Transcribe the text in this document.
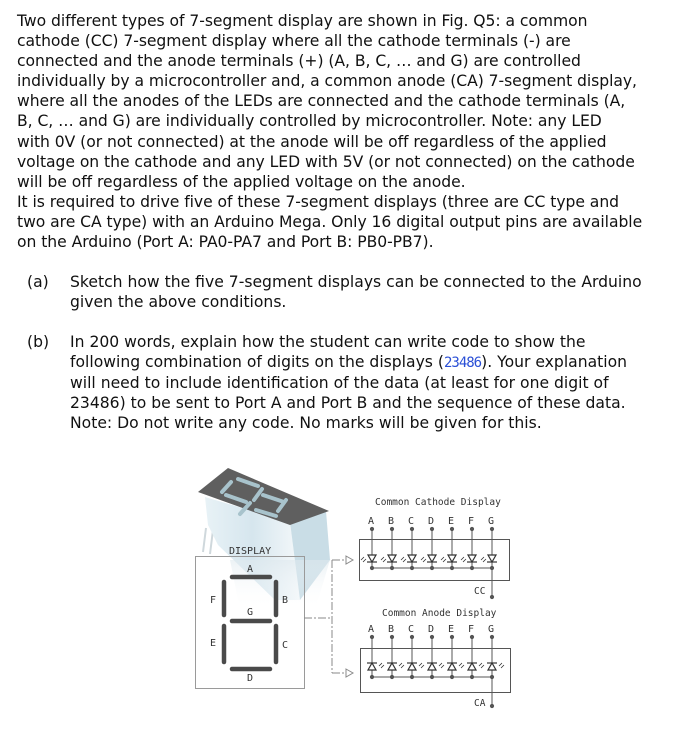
Two different types of 7-segment display are shown in Fig. Q5: a common
cathode (CC) 7-segment display where all the cathode terminals (-) are
connected and the anode terminals (+) (A, B, C, … and G) are controlled
individually by a microcontroller and, a common anode (CA) 7-segment display,
where all the anodes of the LEDs are connected and the cathode terminals (A,
B, C, … and G) are individually controlled by microcontroller. Note: any LED
with 0V (or not connected) at the anode will be off regardless of the applied
voltage on the cathode and any LED with 5V (or not connected) on the cathode
will be off regardless of the applied voltage on the anode.
It is required to drive five of these 7-segment displays (three are CC type and
two are CA type) with an Arduino Mega. Only 16 digital output pins are available
on the Arduino (Port A: PA0-PA7 and Port B: PB0-PB7).
(a) Sketch how the five 7-segment displays can be connected to the Arduino
given the above conditions.
(b) In 200 words, explain how the student can write code to show the
following combination of digits on the displays (23486). Your explanation
will need to include identification of the data (at least for one digit of
23486) to be sent to Port A and Port B and the sequence of these data.
Note: Do not write any code. No marks will be given for this.
DISPLAY
A
B
C
D
E
F
G
Common Cathode Display
A B C D E F G
CC
Common Anode Display
A B C D E F G
CA
